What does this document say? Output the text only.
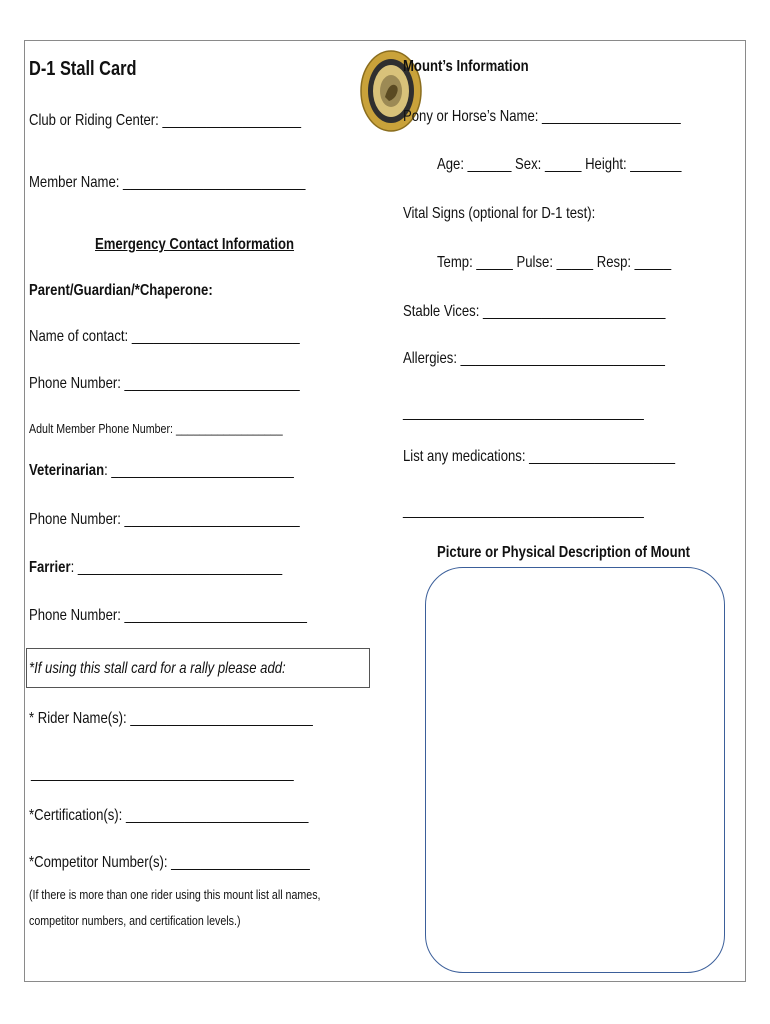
D-1 Stall Card
Club or Riding Center: ___________________
Member Name: _________________________
Emergency Contact Information
Parent/Guardian/*Chaperone:
Name of contact: _______________________
Phone Number: ________________________
Adult Member Phone Number: __________________
Veterinarian: _________________________
Phone Number: ________________________
Farrier: ____________________________
Phone Number: _________________________
*If using this stall card for a rally please add:
* Rider Name(s): _________________________
____________________________________
*Certification(s): _________________________
*Competitor Number(s): ___________________
(If there is more than one rider using this mount list all names,
competitor numbers, and certification levels.)
Mount’s Information
Pony or Horse’s Name: ___________________
Age: ______ Sex: _____ Height: _______
Vital Signs (optional for D-1 test):
Temp: _____ Pulse: _____ Resp: _____
Stable Vices: _________________________
Allergies: ____________________________
_________________________________
List any medications: ____________________
_________________________________
Picture or Physical Description of Mount
